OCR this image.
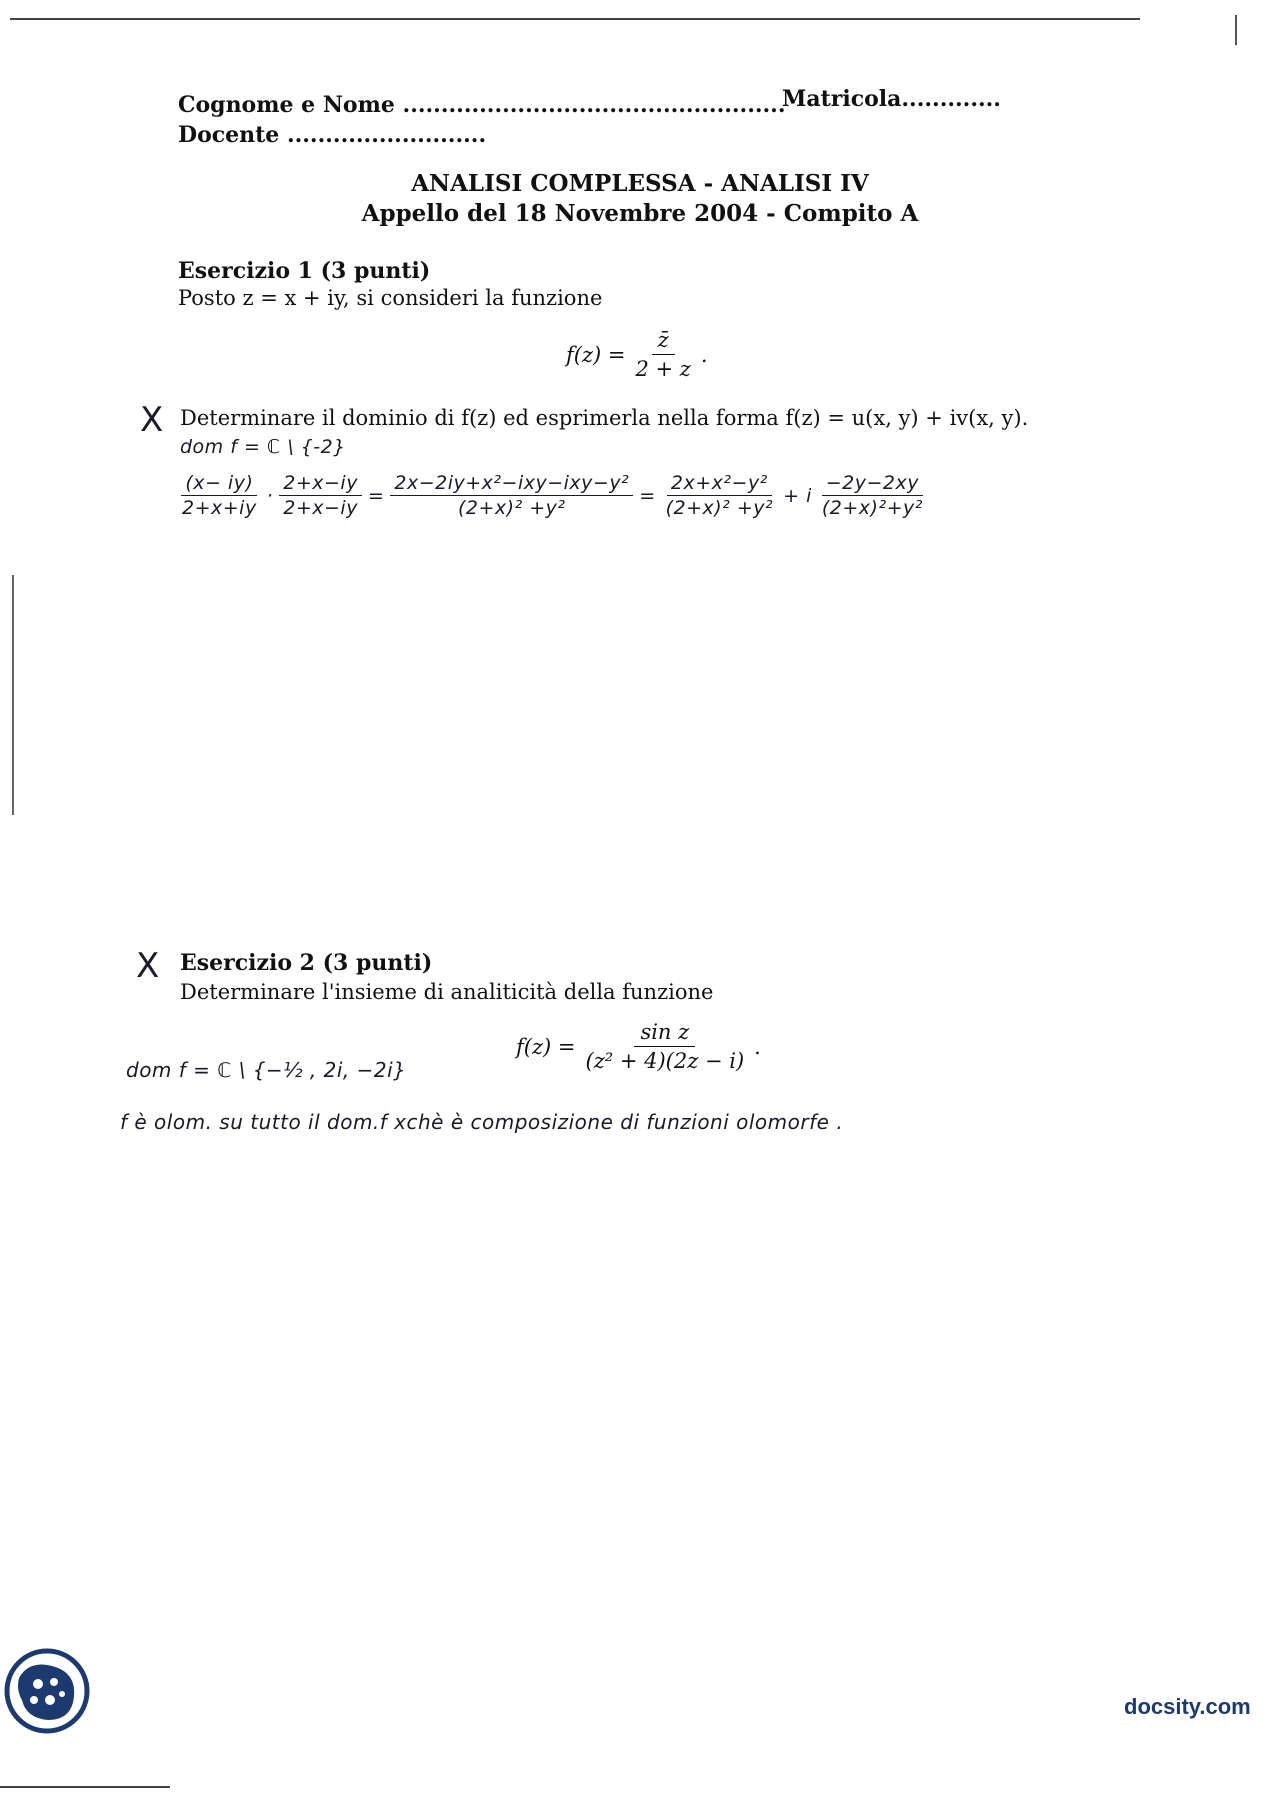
Cognome e Nome ..................................................
Matricola.............
Docente ..........................
ANALISI COMPLESSA - ANALISI IV
Appello del 18 Novembre 2004 - Compito A
Esercizio 1 (3 punti)
Posto z = x + iy, si consideri la funzione
$f(z) = \frac{z̄}{2 + z}$ .
X Determinare il dominio di f(z) ed esprimerla nella forma f(z) = u(x, y) + iv(x, y).
dom f = ℂ \ {-2}
$\frac{(x- iy)}{2+x+iy} \cdot \frac{2+x-iy}{2+x-iy}$ =
2x−2iy+x²−ixy−ixy−y²
(2+x)² +y²
= $\frac{\text{2x+x²−y²}}{\text{(2+x)² +y²}} + i \frac{-2y-2xy}{\text{(2+x)²+y²}}$
X Esercizio 2 (3 punti)
Determinare l'insieme di analiticità della funzione
$f(z) = \frac{\text{sin z}}{\text{(z² + 4)(2z − i)}}$ .
dom f = ℂ \ {−½ , 2i, −2i}
f è olom. su tutto il dom.f xchè è composizione di funzioni olomorfe .
docsity.com
